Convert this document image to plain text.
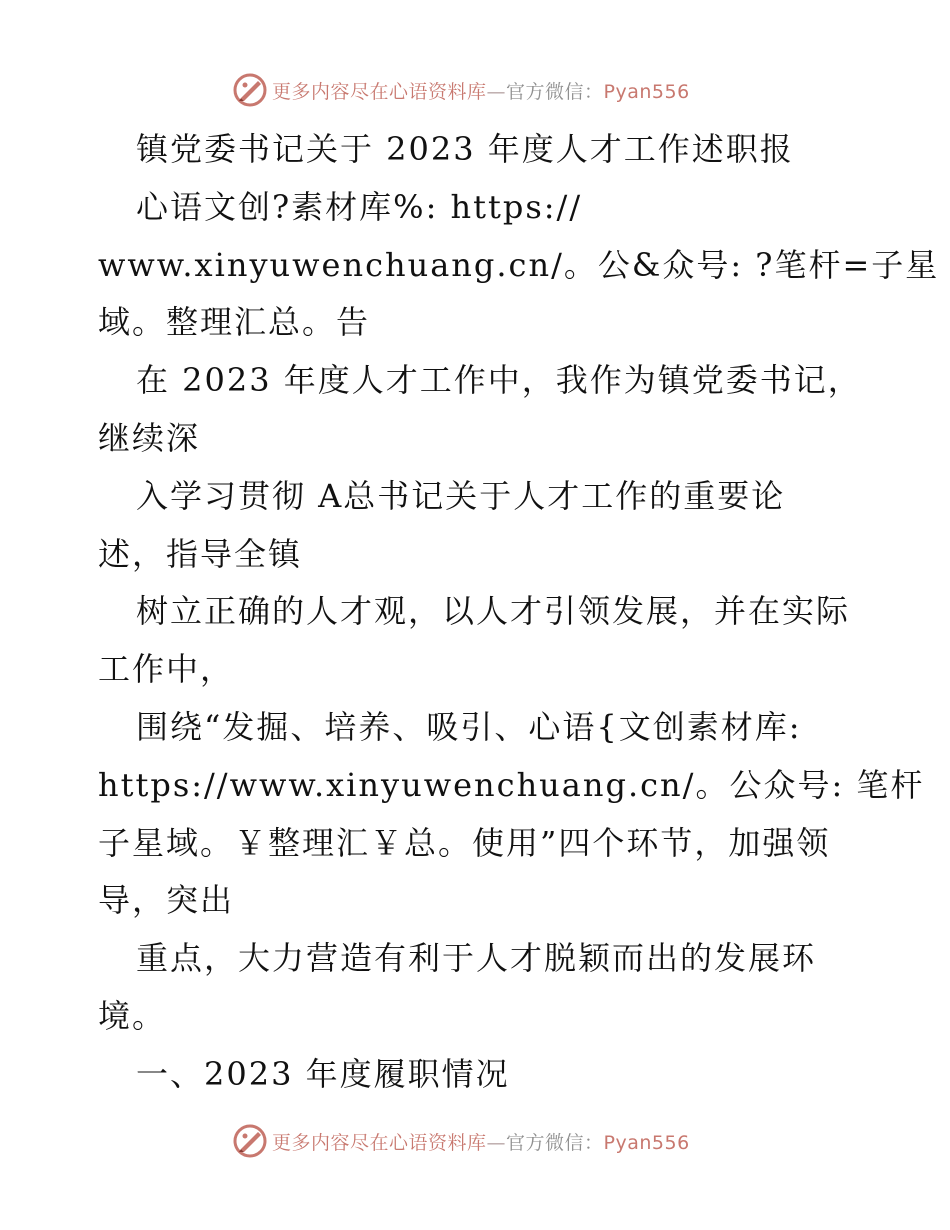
更多内容尽在心语资料库—官方微信：Pyan556
镇党委书记关于 2023 年度人才工作述职报
心语文创?素材库%: https://
www.xinyuwenchuang.cn/。公&众号: ?笔杆=子星
域。整理汇总。告
在 2023 年度人才工作中，我作为镇党委书记，
继续深
入学习贯彻 A总书记关于人才工作的重要论
述，指导全镇
树立正确的人才观，以人才引领发展，并在实际
工作中，
围绕“发掘、培养、吸引、心语{文创素材库:
https://www.xinyuwenchuang.cn/。公众号: 笔杆
子星域。￥整理汇￥总。使用”四个环节，加强领
导，突出
重点，大力营造有利于人才脱颖而出的发展环
境。
一、2023 年度履职情况
更多内容尽在心语资料库—官方微信：Pyan556
